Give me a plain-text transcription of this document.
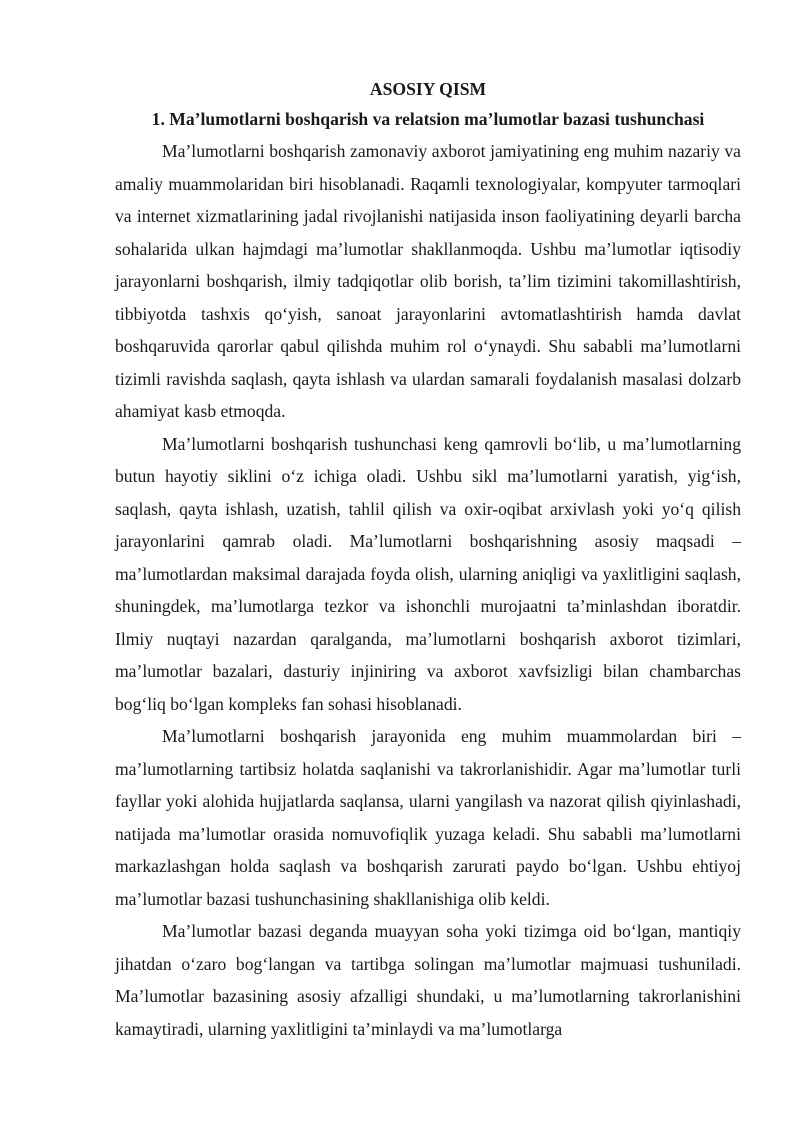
ASOSIY QISM

1. Ma’lumotlarni boshqarish va relatsion ma’lumotlar bazasi tushunchasi

Ma’lumotlarni boshqarish zamonaviy axborot jamiyatining eng muhim nazariy va amaliy muammolaridan biri hisoblanadi. Raqamli texnologiyalar, kompyuter tarmoqlari va internet xizmatlarining jadal rivojlanishi natijasida inson faoliyatining deyarli barcha sohalarida ulkan hajmdagi ma’lumotlar shakllanmoqda. Ushbu ma’lumotlar iqtisodiy jarayonlarni boshqarish, ilmiy tadqiqotlar olib borish, ta’lim tizimini takomillashtirish, tibbiyotda tashxis qo‘yish, sanoat jarayonlarini avtomatlashtirish hamda davlat boshqaruvida qarorlar qabul qilishda muhim rol o‘ynaydi. Shu sababli ma’lumotlarni tizimli ravishda saqlash, qayta ishlash va ulardan samarali foydalanish masalasi dolzarb ahamiyat kasb etmoqda.

Ma’lumotlarni boshqarish tushunchasi keng qamrovli bo‘lib, u ma’lumotlarning butun hayotiy siklini o‘z ichiga oladi. Ushbu sikl ma’lumotlarni yaratish, yig‘ish, saqlash, qayta ishlash, uzatish, tahlil qilish va oxir-oqibat arxivlash yoki yo‘q qilish jarayonlarini qamrab oladi. Ma’lumotlarni boshqarishning asosiy maqsadi – ma’lumotlardan maksimal darajada foyda olish, ularning aniqligi va yaxlitligini saqlash, shuningdek, ma’lumotlarga tezkor va ishonchli murojaatni ta’minlashdan iboratdir. Ilmiy nuqtayi nazardan qaralganda, ma’lumotlarni boshqarish axborot tizimlari, ma’lumotlar bazalari, dasturiy injiniring va axborot xavfsizligi bilan chambarchas bog‘liq bo‘lgan kompleks fan sohasi hisoblanadi.

Ma’lumotlarni boshqarish jarayonida eng muhim muammolardan biri – ma’lumotlarning tartibsiz holatda saqlanishi va takrorlanishidir. Agar ma’lumotlar turli fayllar yoki alohida hujjatlarda saqlansa, ularni yangilash va nazorat qilish qiyinlashadi, natijada ma’lumotlar orasida nomuvofiqlik yuzaga keladi. Shu sababli ma’lumotlarni markazlashgan holda saqlash va boshqarish zarurati paydo bo‘lgan. Ushbu ehtiyoj ma’lumotlar bazasi tushunchasining shakllanishiga olib keldi.

Ma’lumotlar bazasi deganda muayyan soha yoki tizimga oid bo‘lgan, mantiqiy jihatdan o‘zaro bog‘langan va tartibga solingan ma’lumotlar majmuasi tushuniladi. Ma’lumotlar bazasining asosiy afzalligi shundaki, u ma’lumotlarning takrorlanishini kamaytiradi, ularning yaxlitligini ta’minlaydi va ma’lumotlarga
